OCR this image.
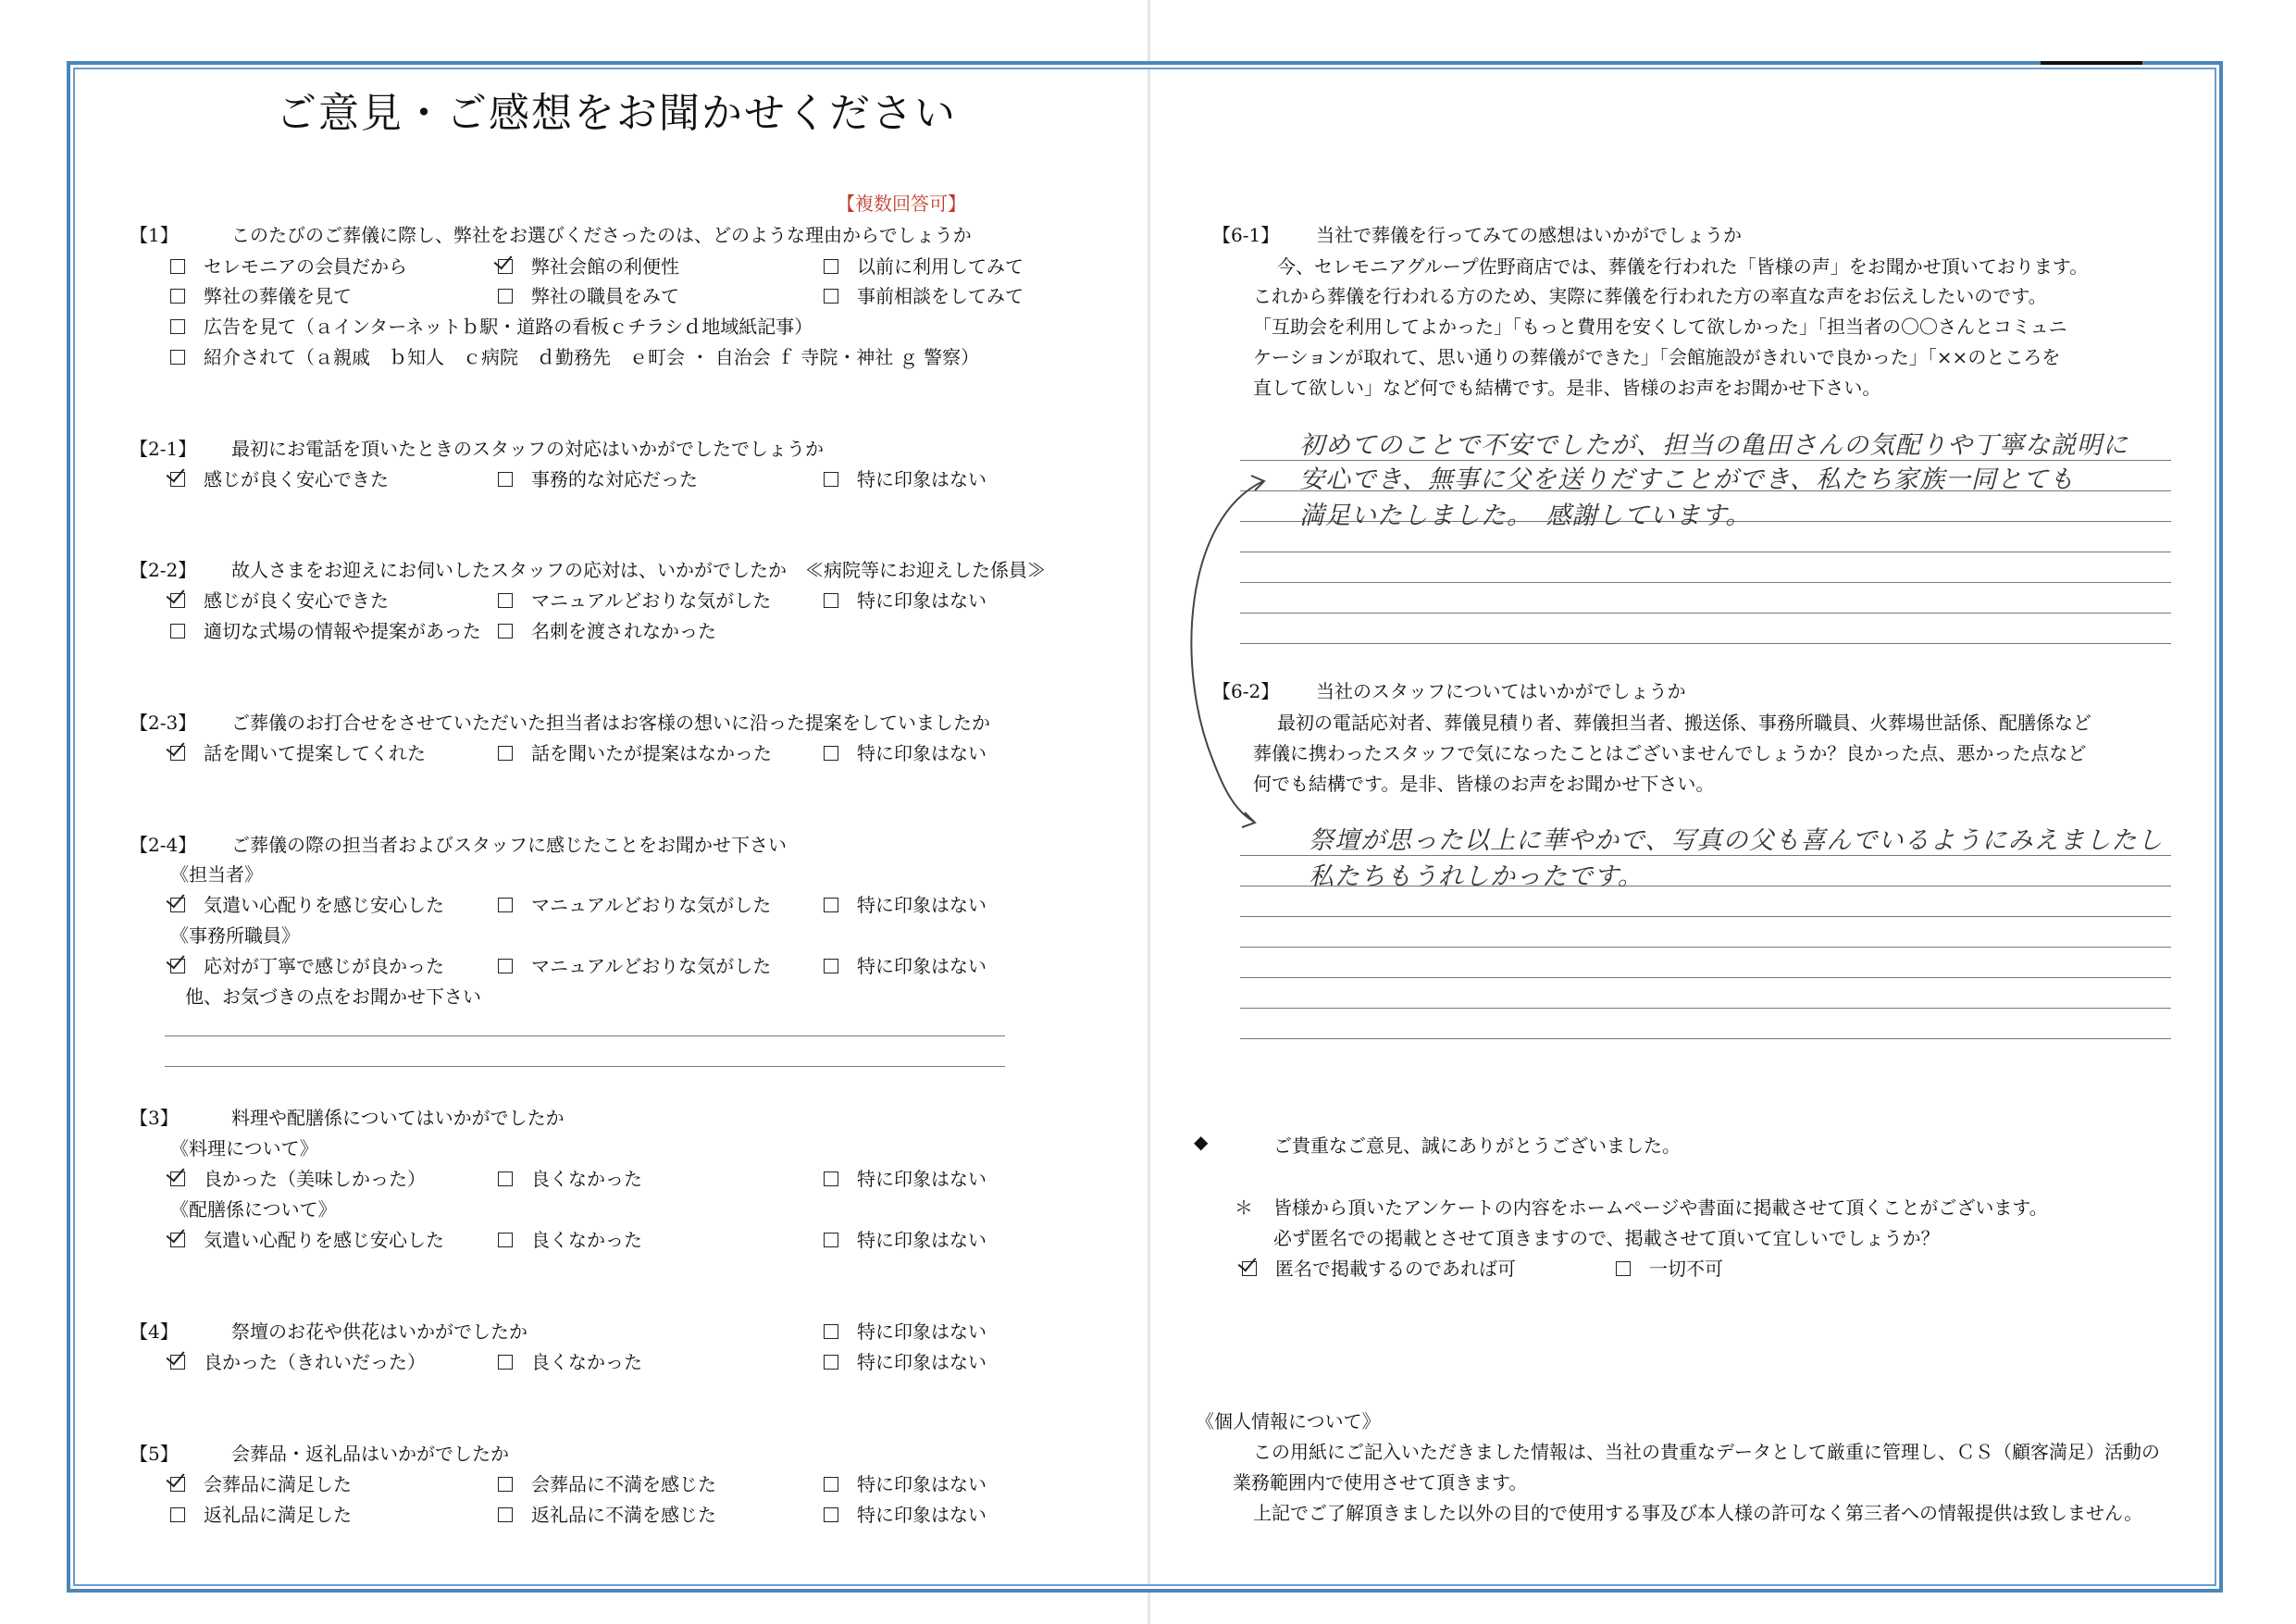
ご意見・ご感想をお聞かせください
【複数回答可】
【1】	このたびのご葬儀に際し、弊社をお選びくださったのは、どのような理由からでしょうか
セレモニアの会員だから	弊社会館の利便性	以前に利用してみて
弊社の葬儀を見て	弊社の職員をみて	事前相談をしてみて
広告を見て（ａインターネットｂ駅・道路の看板ｃチラシｄ地域紙記事）
紹介されて（ａ親戚　ｂ知人　ｃ病院　ｄ勤務先　ｅ町会 ・ 自治会 ｆ 寺院・神社 ｇ 警察）
【2-1】 最初にお電話を頂いたときのスタッフの対応はいかがでしたでしょうか
感じが良く安心できた	事務的な対応だった	特に印象はない
【2-2】 故人さまをお迎えにお伺いしたスタッフの応対は、いかがでしたか　≪病院等にお迎えした係員≫
感じが良く安心できた	マニュアルどおりな気がした	特に印象はない
適切な式場の情報や提案があった	名刺を渡されなかった
【2-3】 ご葬儀のお打合せをさせていただいた担当者はお客様の想いに沿った提案をしていましたか
話を聞いて提案してくれた	話を聞いたが提案はなかった	特に印象はない
【2-4】 ご葬儀の際の担当者およびスタッフに感じたことをお聞かせ下さい
《担当者》
気遣い心配りを感じ安心した	マニュアルどおりな気がした	特に印象はない
《事務所職員》
応対が丁寧で感じが良かった	マニュアルどおりな気がした	特に印象はない
他、お気づきの点をお聞かせ下さい
【3】	料理や配膳係についてはいかがでしたか
《料理について》
良かった（美味しかった）	良くなかった	特に印象はない
《配膳係について》
気遣い心配りを感じ安心した	良くなかった	特に印象はない
【4】	祭壇のお花や供花はいかがでしたか	特に印象はない
良かった（きれいだった）	良くなかった	特に印象はない
【5】	会葬品・返礼品はいかがでしたか
会葬品に満足した	会葬品に不満を感じた	特に印象はない
返礼品に満足した	返礼品に不満を感じた	特に印象はない
【6-1】 当社で葬儀を行ってみての感想はいかがでしょうか
今、セレモニアグループ佐野商店では、葬儀を行われた「皆様の声」をお聞かせ頂いております。
これから葬儀を行われる方のため、実際に葬儀を行われた方の率直な声をお伝えしたいのです。
「互助会を利用してよかった」「もっと費用を安くして欲しかった」「担当者の〇〇さんとコミュニ
ケーションが取れて、思い通りの葬儀ができた」「会館施設がきれいで良かった」「××のところを
直して欲しい」など何でも結構です。是非、皆様のお声をお聞かせ下さい。
初めてのことで不安でしたが、担当の亀田さんの気配りや丁寧な説明に
安心でき、無事に父を送りだすことができ、私たち家族一同とても
満足いたしました。　感謝しています。
【6-2】 当社のスタッフについてはいかがでしょうか
最初の電話応対者、葬儀見積り者、葬儀担当者、搬送係、事務所職員、火葬場世話係、配膳係など
葬儀に携わったスタッフで気になったことはございませんでしょうか？良かった点、悪かった点など
何でも結構です。是非、皆様のお声をお聞かせ下さい。
祭壇が思った以上に華やかで、写真の父も喜んでいるようにみえましたし
私たちもうれしかったです。
◆	ご貴重なご意見、誠にありがとうございました。
＊ 皆様から頂いたアンケートの内容をホームページや書面に掲載させて頂くことがございます。
必ず匿名での掲載とさせて頂きますので、掲載させて頂いて宜しいでしょうか？
匿名で掲載するのであれば可	一切不可
《個人情報について》
この用紙にご記入いただきました情報は、当社の貴重なデータとして厳重に管理し、ＣＳ（顧客満足）活動の
業務範囲内で使用させて頂きます。
上記でご了解頂きました以外の目的で使用する事及び本人様の許可なく第三者への情報提供は致しません。
